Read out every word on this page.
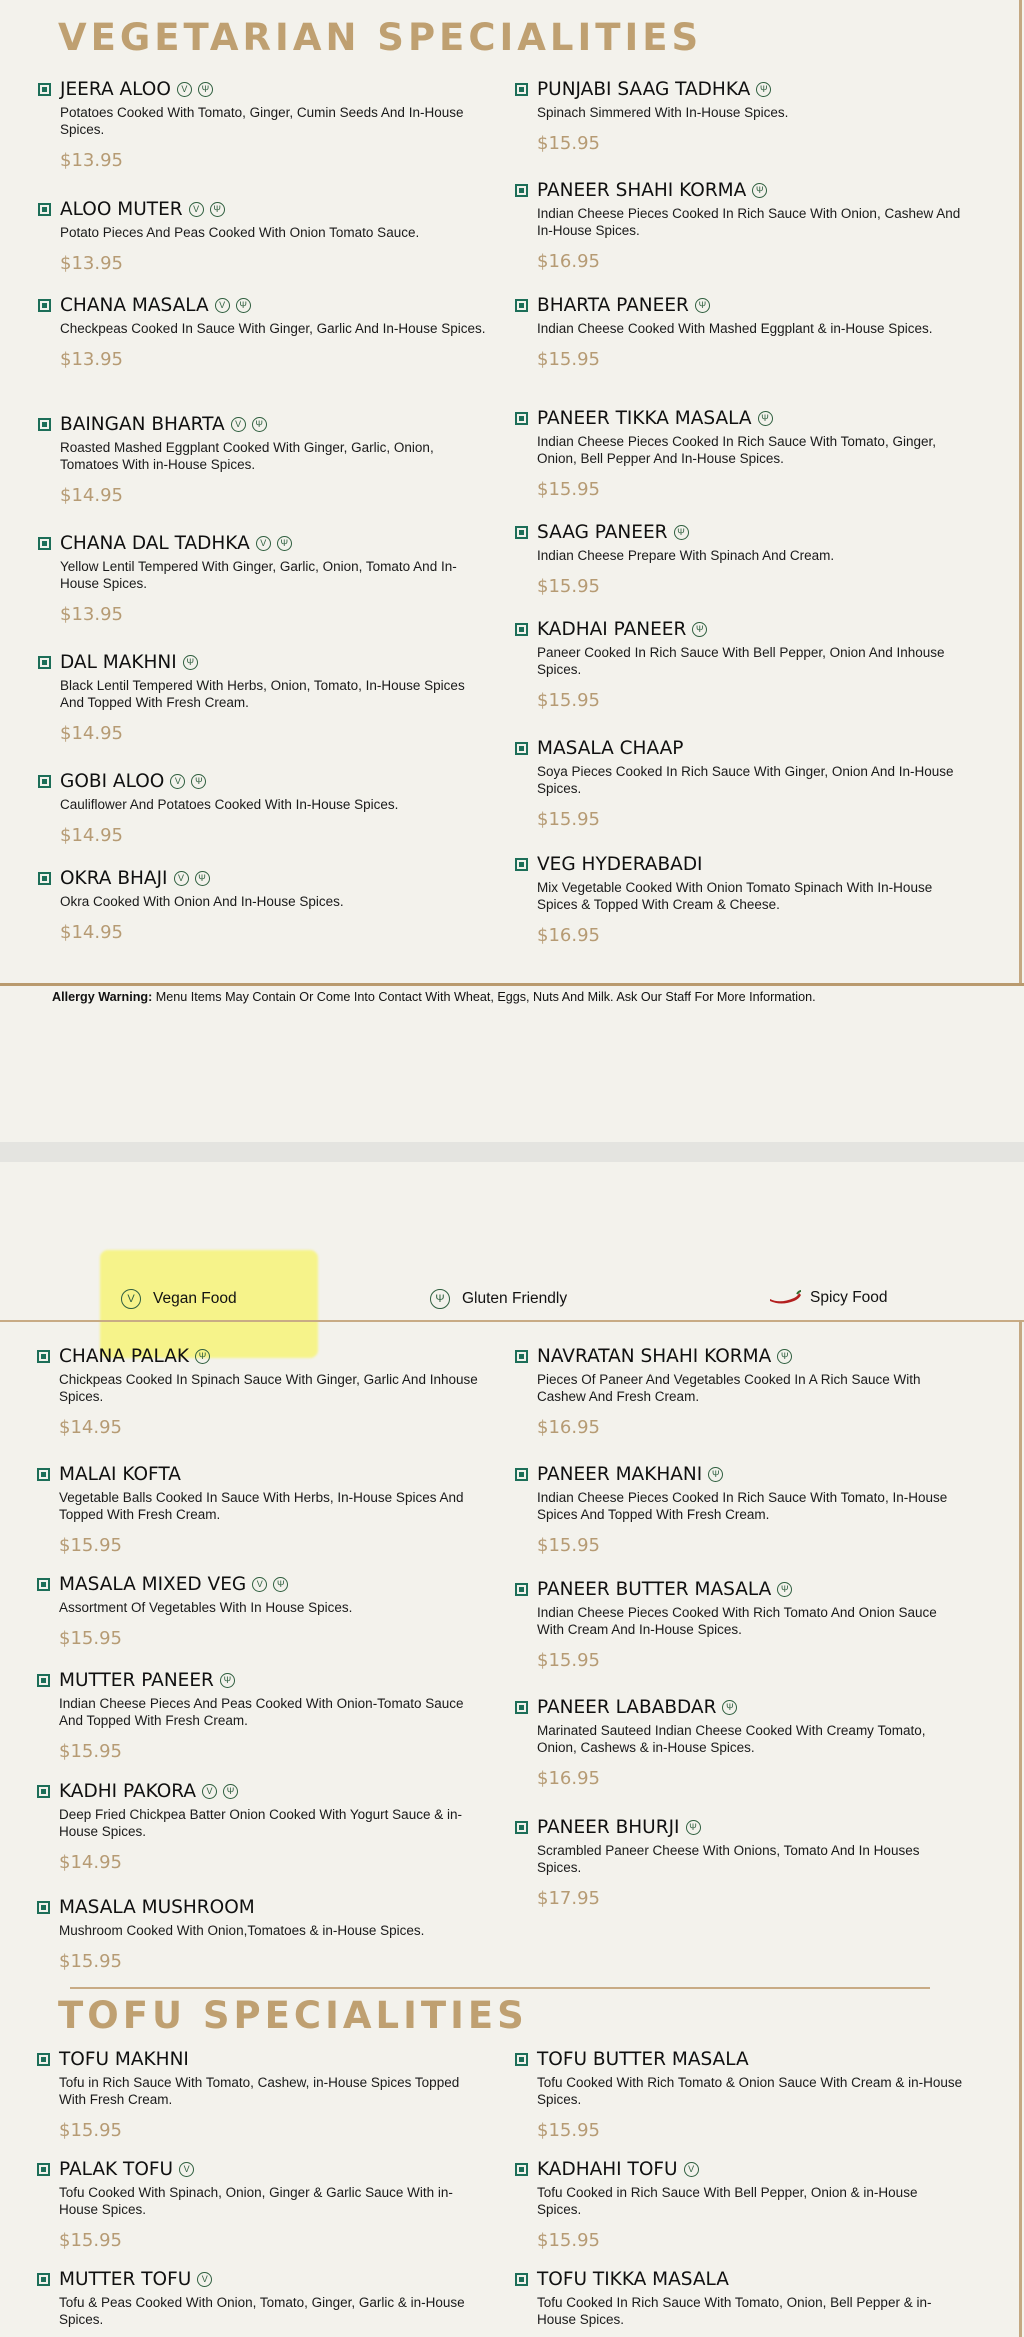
VEGETARIAN SPECIALITIES
JEERA ALOO	V	Ψ
Potatoes Cooked With Tomato, Ginger, Cumin Seeds And In-House Spices.
$13.95
ALOO MUTER	V	Ψ
Potato Pieces And Peas Cooked With Onion Tomato Sauce.
$13.95
CHANA MASALA	V	Ψ
Checkpeas Cooked In Sauce With Ginger, Garlic And In-House Spices.
$13.95
BAINGAN BHARTA	V	Ψ
Roasted Mashed Eggplant Cooked With Ginger, Garlic, Onion, Tomatoes With in-House Spices.
$14.95
CHANA DAL TADHKA	V	Ψ
Yellow Lentil Tempered With Ginger, Garlic, Onion, Tomato And In-House Spices.
$13.95
DAL MAKHNI	Ψ
Black Lentil Tempered With Herbs, Onion, Tomato, In-House Spices And Topped With Fresh Cream.
$14.95
GOBI ALOO	V	Ψ
Cauliflower And Potatoes Cooked With In-House Spices.
$14.95
OKRA BHAJI	V	Ψ
Okra Cooked With Onion And In-House Spices.
$14.95
PUNJABI SAAG TADHKA	Ψ
Spinach Simmered With In-House Spices.
$15.95
PANEER SHAHI KORMA	Ψ
Indian Cheese Pieces Cooked In Rich Sauce With Onion, Cashew And In-House Spices.
$16.95
BHARTA PANEER	Ψ
Indian Cheese Cooked With Mashed Eggplant & in-House Spices.
$15.95
PANEER TIKKA MASALA	Ψ
Indian Cheese Pieces Cooked In Rich Sauce With Tomato, Ginger, Onion, Bell Pepper And In-House Spices.
$15.95
SAAG PANEER	Ψ
Indian Cheese Prepare With Spinach And Cream.
$15.95
KADHAI PANEER	Ψ
Paneer Cooked In Rich Sauce With Bell Pepper, Onion And Inhouse Spices.
$15.95
MASALA CHAAP
Soya Pieces Cooked In Rich Sauce With Ginger, Onion And In-House Spices.
$15.95
VEG HYDERABADI
Mix Vegetable Cooked With Onion Tomato Spinach With In-House Spices & Topped With Cream & Cheese.
$16.95
Allergy Warning: Menu Items May Contain Or Come Into Contact With Wheat, Eggs, Nuts And Milk. Ask Our Staff For More Information.
V	Vegan Food	Ψ	Gluten Friendly	Spicy Food
CHANA PALAK	Ψ
Chickpeas Cooked In Spinach Sauce With Ginger, Garlic And Inhouse Spices.
$14.95
MALAI KOFTA
Vegetable Balls Cooked In Sauce With Herbs, In-House Spices And Topped With Fresh Cream.
$15.95
MASALA MIXED VEG	V	Ψ
Assortment Of Vegetables With In House Spices.
$15.95
MUTTER PANEER	Ψ
Indian Cheese Pieces And Peas Cooked With Onion-Tomato Sauce And Topped With Fresh Cream.
$15.95
KADHI PAKORA	V	Ψ
Deep Fried Chickpea Batter Onion Cooked With Yogurt Sauce & in-House Spices.
$14.95
MASALA MUSHROOM
Mushroom Cooked With Onion,Tomatoes & in-House Spices.
$15.95
NAVRATAN SHAHI KORMA	Ψ
Pieces Of Paneer And Vegetables Cooked In A Rich Sauce With Cashew And Fresh Cream.
$16.95
PANEER MAKHANI	Ψ
Indian Cheese Pieces Cooked In Rich Sauce With Tomato, In-House Spices And Topped With Fresh Cream.
$15.95
PANEER BUTTER MASALA	Ψ
Indian Cheese Pieces Cooked With Rich Tomato And Onion Sauce With Cream And In-House Spices.
$15.95
PANEER LABABDAR	Ψ
Marinated Sauteed Indian Cheese Cooked With Creamy Tomato, Onion, Cashews & in-House Spices.
$16.95
PANEER BHURJI	Ψ
Scrambled Paneer Cheese With Onions, Tomato And In Houses Spices.
$17.95
TOFU SPECIALITIES
TOFU MAKHNI
Tofu in Rich Sauce With Tomato, Cashew, in-House Spices Topped With Fresh Cream.
$15.95
PALAK TOFU	V
Tofu Cooked With Spinach, Onion, Ginger & Garlic Sauce With in-House Spices.
$15.95
MUTTER TOFU	V
Tofu & Peas Cooked With Onion, Tomato, Ginger, Garlic & in-House Spices.
TOFU BUTTER MASALA
Tofu Cooked With Rich Tomato & Onion Sauce With Cream & in-House Spices.
$15.95
KADHAHI TOFU	V
Tofu Cooked in Rich Sauce With Bell Pepper, Onion & in-House Spices.
$15.95
TOFU TIKKA MASALA
Tofu Cooked In Rich Sauce With Tomato, Onion, Bell Pepper & in-House Spices.
